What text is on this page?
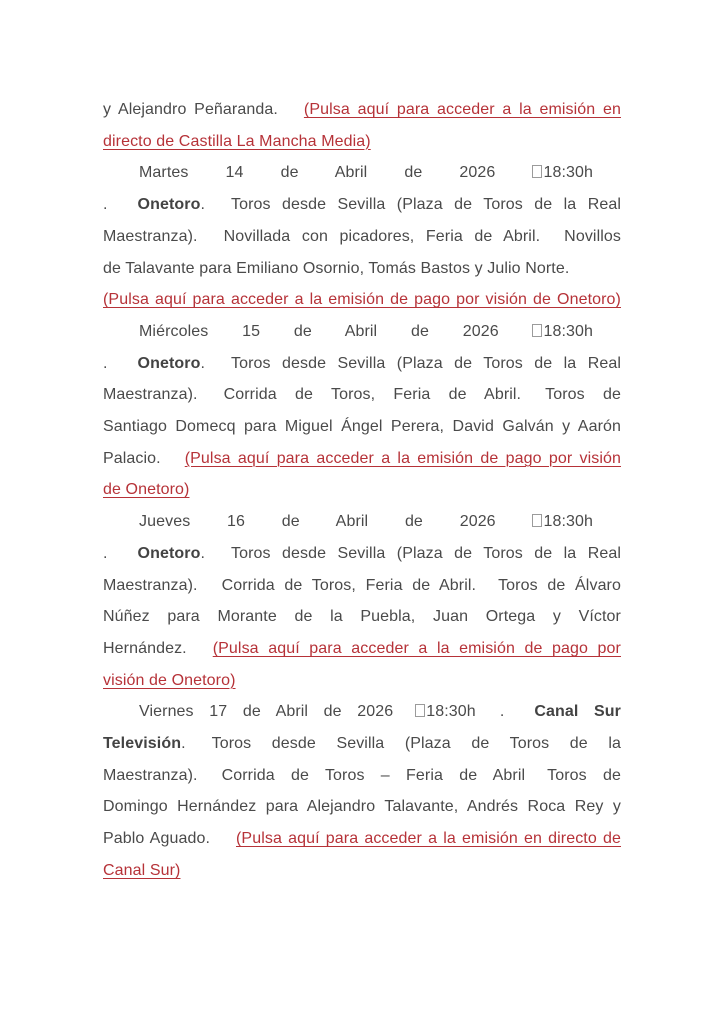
y Alejandro Peñaranda. (Pulsa aquí para acceder a la emisión en
directo de Castilla La Mancha Media)
Martes 14 de Abril de 2026	18:30h
. Onetoro. Toros desde Sevilla (Plaza de Toros de la Real
Maestranza). Novillada con picadores, Feria de Abril. Novillos
de Talavante para Emiliano Osornio, Tomás Bastos y Julio Norte.
(Pulsa aquí para acceder a la emisión de pago por visión de Onetoro)
Miércoles 15 de Abril de 2026	18:30h
. Onetoro. Toros desde Sevilla (Plaza de Toros de la Real
Maestranza). Corrida de Toros, Feria de Abril. Toros de
Santiago Domecq para Miguel Ángel Perera, David Galván y Aarón
Palacio. (Pulsa aquí para acceder a la emisión de pago por visión
de Onetoro)
Jueves 16 de Abril de 2026	18:30h
. Onetoro. Toros desde Sevilla (Plaza de Toros de la Real
Maestranza). Corrida de Toros, Feria de Abril. Toros de Álvaro
Núñez para Morante de la Puebla, Juan Ortega y Víctor
Hernández. (Pulsa aquí para acceder a la emisión de pago por
visión de Onetoro)
Viernes 17 de Abril de 2026 18:30h . Canal Sur
Televisión. Toros desde Sevilla (Plaza de Toros de la
Maestranza). Corrida de Toros – Feria de Abril Toros de
Domingo Hernández para Alejandro Talavante, Andrés Roca Rey y
Pablo Aguado. (Pulsa aquí para acceder a la emisión en directo de
Canal Sur)
